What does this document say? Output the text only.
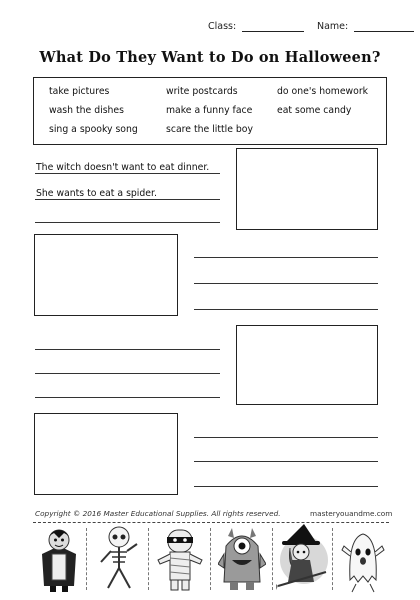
Class:	Name:
What Do They Want to Do on Halloween?
take pictures	write postcards	do one's homework
wash the dishes	make a funny face	eat some candy
sing a spooky song	scare the little boy
The witch doesn't want to eat dinner.
She wants to eat a spider.
Copyright © 2016 Master Educational Supplies. All rights reserved.	masteryouandme.com
